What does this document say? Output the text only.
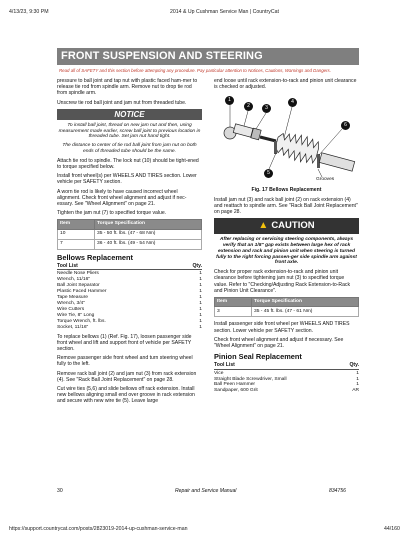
4/13/23, 9:30 PM	2014 & Up Cushman Service Man | CountryCat
FRONT SUSPENSION AND STEERING
Read all of SAFETY and this section before attempting any procedure. Pay particular attention to Notices, Cautions, Warnings and Dangers.

pressure to ball joint and tap nut with plastic faced ham-mer to release tie rod from spindle arm. Remove nut to drop tie rod from spindle arm.

Unscrew tie rod ball joint and jam nut from threaded tube.

NOTICE

To install ball joint, thread on new jam nut and then, using measurement made earlier, screw ball joint to previous location in threaded tube. Set jam nut hand tight.

The distance to center of tie rod ball joint from jam nut on both ends of threaded tube should be the same.

Attach tie rod to spindle. The lock nut (10) should be tight-ened to torque specified below.

Install front wheel(s) per WHEELS AND TIRES section. Lower vehicle per SAFETY section.

A worn tie rod is likely to have caused incorrect wheel alignment. Check front wheel alignment and adjust if nec-essary. See "Wheel Alignment" on page 21.

Tighten the jam nut (7) to specified torque value.

Item	Torque Specification
10	35 - 50 ft. lbs. (47 - 68 Nm)
7	36 - 40 ft. lbs. (49 - 54 Nm)
Bellows Replacement
Tool List	Qty.
Needle Nose Pliers	1
Wrench, 11/16"	1
Ball Joint Separator	1
Plastic Faced Hammer	1
Tape Measure	1
Wrench, 3/4"	1
Wire Cutters	1
Wire Tie, 8" Long	1
Torque Wrench, ft. lbs.	1
Socket, 11/16"	1

To replace bellows (1) (Ref. Fig. 17), loosen passenger side front wheel and lift and support front of vehicle per SAFETY section.

Remove passenger side front wheel and turn steering wheel fully to the left.

Remove rack ball joint (2) and jam nut (3) from rack extension (4). See "Rack Ball Joint Replacement" on page 28.

Cut wire ties (5,6) and slide bellows off rack extension. Install new bellows aligning small end over groove in rack extension and secure with new wire tie (5). Leave large

end loose until rack extension-to-rack and pinion unit clearance is checked or adjusted.

1
2	3
4
5
6
Grooves
Fig. 17 Bellows Replacement

Install jam nut (3) and rack ball joint (2) on rack extension (4) and reattach to spindle arm. See "Rack Ball Joint Replacement" on page 28.

▲ CAUTION

After replacing or servicing steering components, always verify that an 1/8" gap exists between large hex of rack extension and rack and pinion unit when steering is turned fully to the right forcing passen-ger side spindle arm against front axle.

Check for proper rack extension-to-rack and pinion unit clearance before tightening jam nut (3) to specified torque value. Refer to "Checking/Adjusting Rack Extension-to-Rack and Pinion Unit Clearance".

Item	Torque Specification
3	35 - 45 ft. lbs. (47 - 61 Nm)

Install passenger side front wheel per WHEELS AND TIRES section. Lower vehicle per SAFETY section.

Check front wheel alignment and adjust if necessary. See "Wheel Alignment" on page 21.

Pinion Seal Replacement
Tool List	Qty.
Vice	1
Straight Blade Screwdriver, Small	1
Ball Peen Hammer	1
Sandpaper, 600 Grit	AR
30	Repair and Service Manual	834756
https://support.countrycat.com/posts/2823019-2014-up-cushman-service-man	44/160
